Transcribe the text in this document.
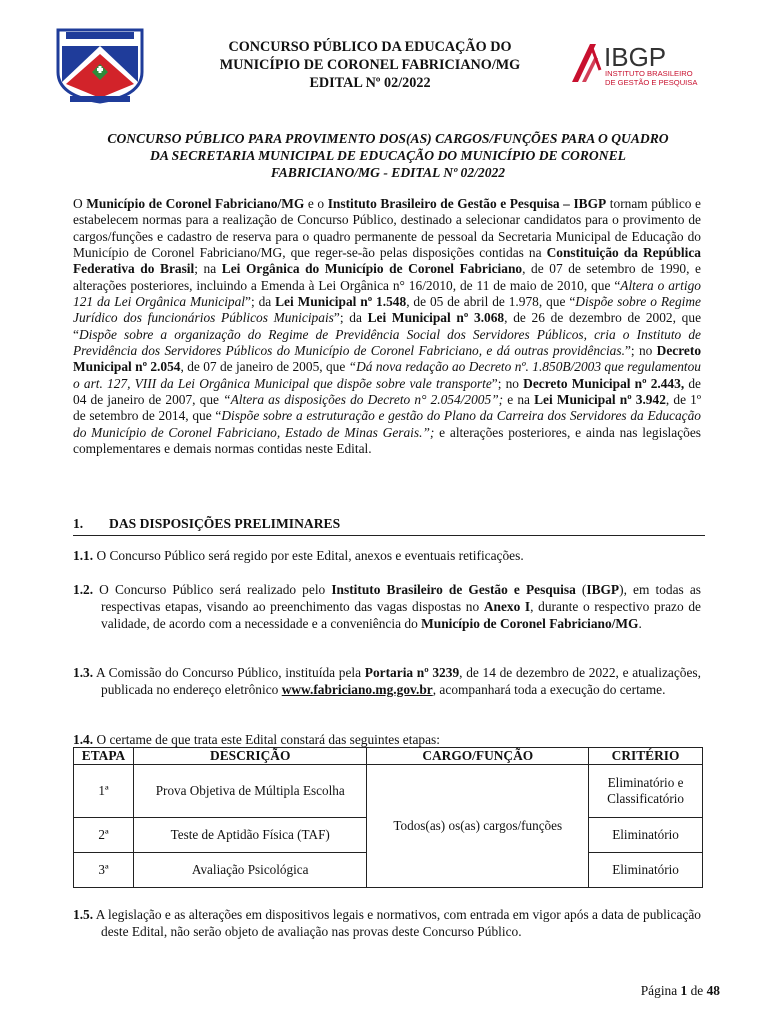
CONCURSO PÚBLICO DA EDUCAÇÃO DO
MUNICÍPIO DE CORONEL FABRICIANO/MG
EDITAL Nº 02/2022
IBGP
INSTITUTO BRASILEIRO
DE GESTÃO E PESQUISA
CONCURSO PÚBLICO PARA PROVIMENTO DOS(AS) CARGOS/FUNÇÕES PARA O QUADRO
DA SECRETARIA MUNICIPAL DE EDUCAÇÃO DO MUNICÍPIO DE CORONEL
FABRICIANO/MG - EDITAL Nº 02/2022
O Município de Coronel Fabriciano/MG e o Instituto Brasileiro de Gestão e Pesquisa – IBGP tornam público e estabelecem normas para a realização de Concurso Público, destinado a selecionar candidatos para o provimento de cargos/funções e cadastro de reserva para o quadro permanente de pessoal da Secretaria Municipal de Educação do Município de Coronel Fabriciano/MG, que reger-se-ão pelas disposições contidas na Constituição da República Federativa do Brasil; na Lei Orgânica do Município de Coronel Fabriciano, de 07 de setembro de 1990, e alterações posteriores, incluindo a Emenda à Lei Orgânica n° 16/2010, de 11 de maio de 2010, que “Altera o artigo 121 da Lei Orgânica Municipal”; da Lei Municipal nº 1.548, de 05 de abril de 1.978, que “Dispõe sobre o Regime Jurídico dos funcionários Públicos Municipais”; da Lei Municipal nº 3.068, de 26 de dezembro de 2002, que “Dispõe sobre a organização do Regime de Previdência Social dos Servidores Públicos, cria o Instituto de Previdência dos Servidores Públicos do Município de Coronel Fabriciano, e dá outras providências.”; no Decreto Municipal nº 2.054, de 07 de janeiro de 2005, que “Dá nova redação ao Decreto nº. 1.850B/2003 que regulamentou o art. 127, VIII da Lei Orgânica Municipal que dispõe sobre vale transporte”; no Decreto Municipal nº 2.443, de 04 de janeiro de 2007, que “Altera as disposições do Decreto n° 2.054/2005”; e na Lei Municipal nº 3.942, de 1º de setembro de 2014, que “Dispõe sobre a estruturação e gestão do Plano da Carreira dos Servidores da Educação do Município de Coronel Fabriciano, Estado de Minas Gerais.”; e alterações posteriores, e ainda nas legislações complementares e demais normas contidas neste Edital.
1. DAS DISPOSIÇÕES PRELIMINARES
1.1. O Concurso Público será regido por este Edital, anexos e eventuais retificações.
1.2. O Concurso Público será realizado pelo Instituto Brasileiro de Gestão e Pesquisa (IBGP), em todas as respectivas etapas, visando ao preenchimento das vagas dispostas no Anexo I, durante o respectivo prazo de validade, de acordo com a necessidade e a conveniência do Município de Coronel Fabriciano/MG.
1.3. A Comissão do Concurso Público, instituída pela Portaria nº 3239, de 14 de dezembro de 2022, e atualizações, publicada no endereço eletrônico www.fabriciano.mg.gov.br, acompanhará toda a execução do certame.
1.4. O certame de que trata este Edital constará das seguintes etapas:
ETAPA	DESCRIÇÃO	CARGO/FUNÇÃO	CRITÉRIO
1ª	Prova Objetiva de Múltipla Escolha	Todos(as) os(as) cargos/funções	Eliminatório e
Classificatório

2ª	Teste de Aptidão Física (TAF)		Eliminatório
3ª	Avaliação Psicológica		Eliminatório
1.5. A legislação e as alterações em dispositivos legais e normativos, com entrada em vigor após a data de publicação deste Edital, não serão objeto de avaliação nas provas deste Concurso Público.
Página 1 de 48
